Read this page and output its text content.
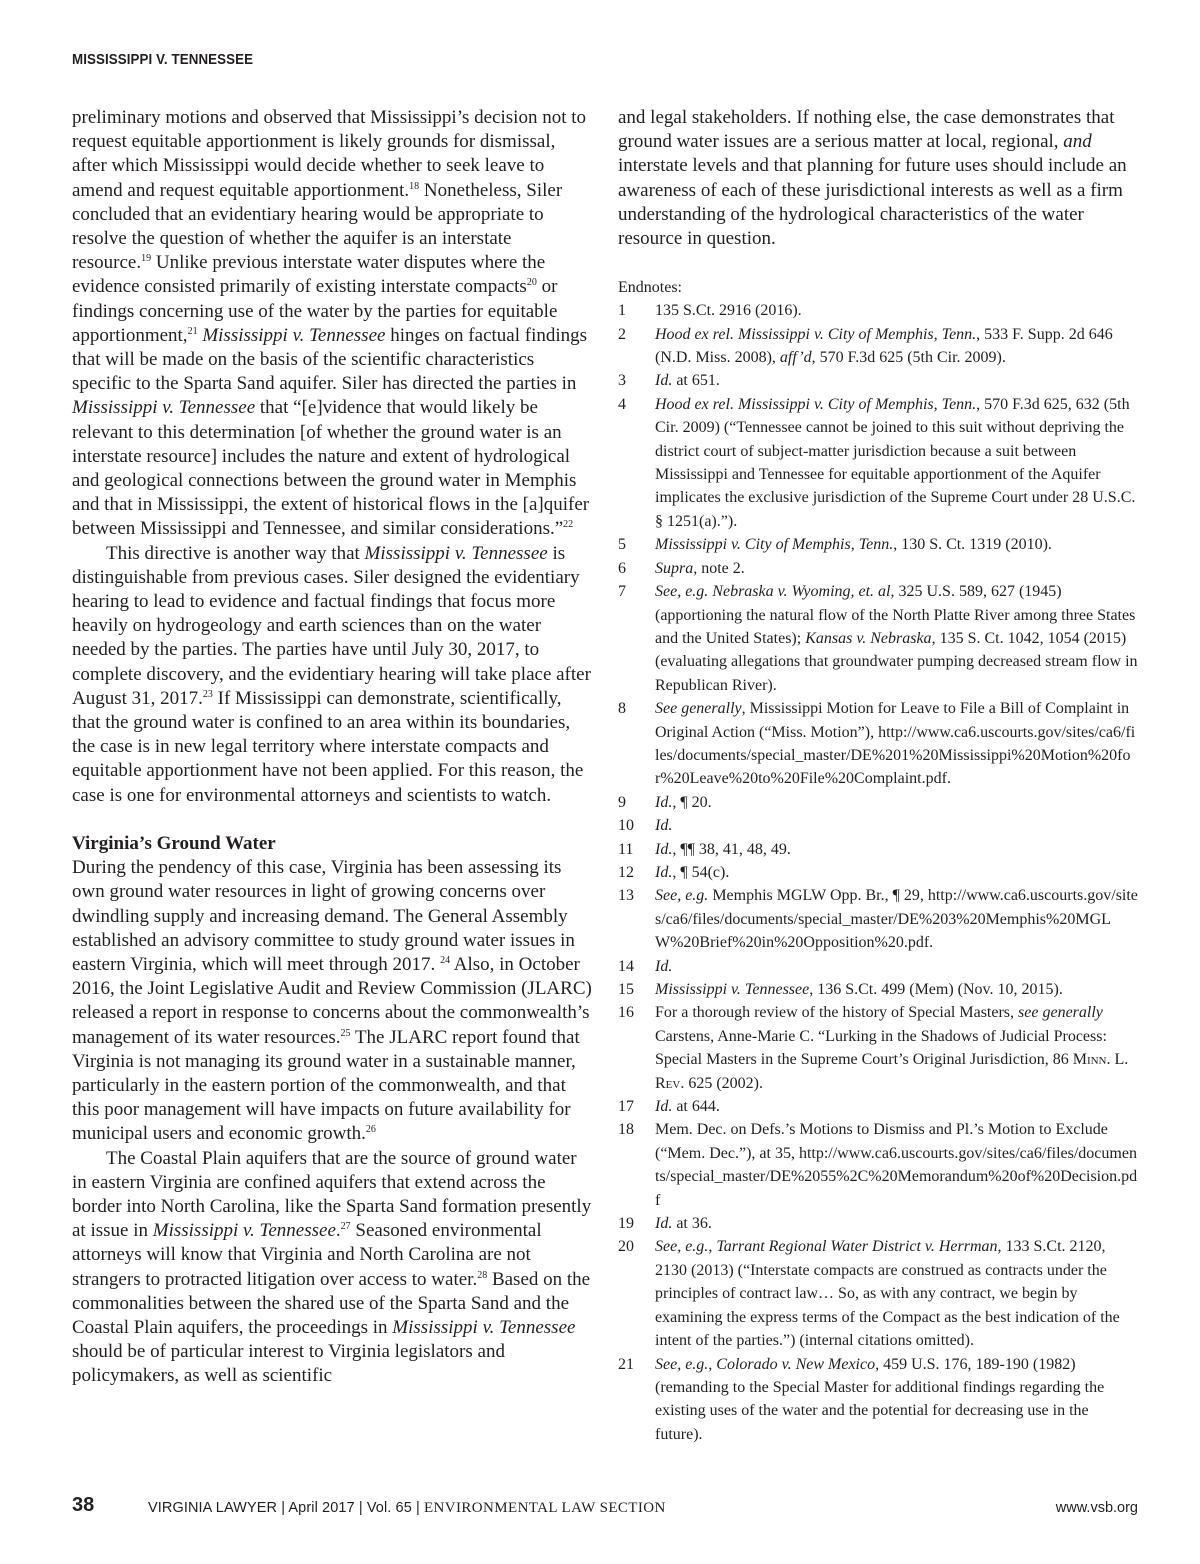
MISSISSIPPI V. TENNESSEE

preliminary motions and observed that Mississippi’s decision not to request equitable apportionment is likely grounds for dismissal, after which Mississippi would decide whether to seek leave to amend and request equitable apportionment.$^{18}$ Nonetheless, Siler concluded that an evidentiary hearing would be appropriate to resolve the question of whether the aquifer is an interstate resource.$^{19}$ Unlike previous interstate water disputes where the evidence consisted primarily of existing interstate compacts$^{20}$ or findings concerning use of the water by the parties for equitable apportionment,$^{21}$ Mississippi v. Tennessee hinges on factual findings that will be made on the basis of the scientific characteristics specific to the Sparta Sand aquifer. Siler has directed the parties in Mississippi v. Tennessee that “[e]vidence that would likely be relevant to this determination [of whether the ground water is an interstate resource] includes the nature and extent of hydrological and geological connections between the ground water in Memphis and that in Mississippi, the extent of historical flows in the [a]quifer between Mississippi and Tennessee, and similar considerations.”$^{22}$

This directive is another way that Mississippi v. Tennessee is distinguishable from previous cases. Siler designed the evidentiary hearing to lead to evidence and factual findings that focus more heavily on hydrogeology and earth sciences than on the water needed by the parties. The parties have until July 30, 2017, to complete discovery, and the evidentiary hearing will take place after August 31, 2017.23 If Mississippi can demonstrate, scientifically, that the ground water is confined to an area within its boundaries, the case is in new legal territory where interstate compacts and equitable apportionment have not been applied. For this reason, the case is one for environmental attorneys and scientists to watch.

Virginia’s Ground Water

During the pendency of this case, Virginia has been assessing its own ground water resources in light of growing concerns over dwindling supply and increasing demand. The General Assembly established an advisory committee to study ground water issues in eastern Virginia, which will meet through 2017. $^{24}$ Also, in October 2016, the Joint Legislative Audit and Review Commission (JLARC) released a report in response to concerns about the commonwealth’s management of its water resources.$^{25}$ The JLARC report found that Virginia is not managing its ground water in a sustainable manner, particularly in the eastern portion of the commonwealth, and that this poor management will have impacts on future availability for municipal users and economic growth.$^{26}$

The Coastal Plain aquifers that are the source of ground water in eastern Virginia are confined aquifers that extend across the border into North Carolina, like the Sparta Sand formation presently at issue in Mississippi v. Tennessee.$^{27}$ Seasoned environmental attorneys will know that Virginia and North Carolina are not strangers to protracted litigation over access to water.$^{28}$ Based on the commonalities between the shared use of the Sparta Sand and the Coastal Plain aquifers, the proceedings in Mississippi v. Tennessee should be of particular interest to Virginia legislators and policymakers, as well as scientific

and legal stakeholders. If nothing else, the case demonstrates that ground water issues are a serious matter at local, regional, and interstate levels and that planning for future uses should include an awareness of each of these jurisdictional interests as well as a firm understanding of the hydrological characteristics of the water resource in question.

Endnotes:
1	135 S.Ct. 2916 (2016).
2	Hood ex rel. Mississippi v. City of Memphis, Tenn., 533 F. Supp. 2d 646 (N.D. Miss. 2008), aff’d, 570 F.3d 625 (5th Cir. 2009).
3	Id. at 651.
4	Hood ex rel. Mississippi v. City of Memphis, Tenn., 570 F.3d 625, 632 (5th Cir. 2009) (“Tennessee cannot be joined to this suit without depriving the district court of subject-matter jurisdiction because a suit between Mississippi and Tennessee for equitable apportionment of the Aquifer implicates the exclusive jurisdiction of the Supreme Court under 28 U.S.C. § 1251(a).”).
5	Mississippi v. City of Memphis, Tenn., 130 S. Ct. 1319 (2010).
6	Supra, note 2.
7	See, e.g. Nebraska v. Wyoming, et. al, 325 U.S. 589, 627 (1945) (apportioning the natural flow of the North Platte River among three States and the United States); Kansas v. Nebraska, 135 S. Ct. 1042, 1054 (2015) (evaluating allegations that groundwater pumping decreased stream flow in Republican River).
8	See generally, Mississippi Motion for Leave to File a Bill of Complaint in Original Action (“Miss. Motion”), http://www.ca6.uscourts.gov/sites/ca6/files/documents/special_master/DE%201%20Mississippi%20Motion%20for%20Leave%20to%20File%20Complaint.pdf.
9	Id., ¶ 20.
10	Id.
11	Id., ¶¶ 38, 41, 48, 49.
12	Id., ¶ 54(c).
13	See, e.g. Memphis MGLW Opp. Br., ¶ 29, http://www.ca6.uscourts.gov/sites/ca6/files/documents/special_master/DE%203%20Memphis%20MGLW%20Brief%20in%20Opposition%20.pdf.
14	Id.
15	Mississippi v. Tennessee, 136 S.Ct. 499 (Mem) (Nov. 10, 2015).
16	For a thorough review of the history of Special Masters, see generally Carstens, Anne-Marie C. “Lurking in the Shadows of Judicial Process: Special Masters in the Supreme Court’s Original Jurisdiction, 86 Minn. L. Rev. 625 (2002).
17	Id. at 644.
18	Mem. Dec. on Defs.’s Motions to Dismiss and Pl.’s Motion to Exclude (“Mem. Dec.”), at 35, http://www.ca6.uscourts.gov/sites/ca6/files/documents/special_master/DE%2055%2C%20Memorandum%20of%20Decision.pdf
19	Id. at 36.
20	See, e.g., Tarrant Regional Water District v. Herrman, 133 S.Ct. 2120, 2130 (2013) (“Interstate compacts are construed as contracts under the principles of contract law… So, as with any contract, we begin by examining the express terms of the Compact as the best indication of the intent of the parties.”) (internal citations omitted).
21	See, e.g., Colorado v. New Mexico, 459 U.S. 176, 189-190 (1982) (remanding to the Special Master for additional findings regarding the existing uses of the water and the potential for decreasing use in the future).
38	VIRGINIA LAWYER | April 2017 | Vol. 65 | ENVIRONMENTAL LAW SECTION	www.vsb.org
